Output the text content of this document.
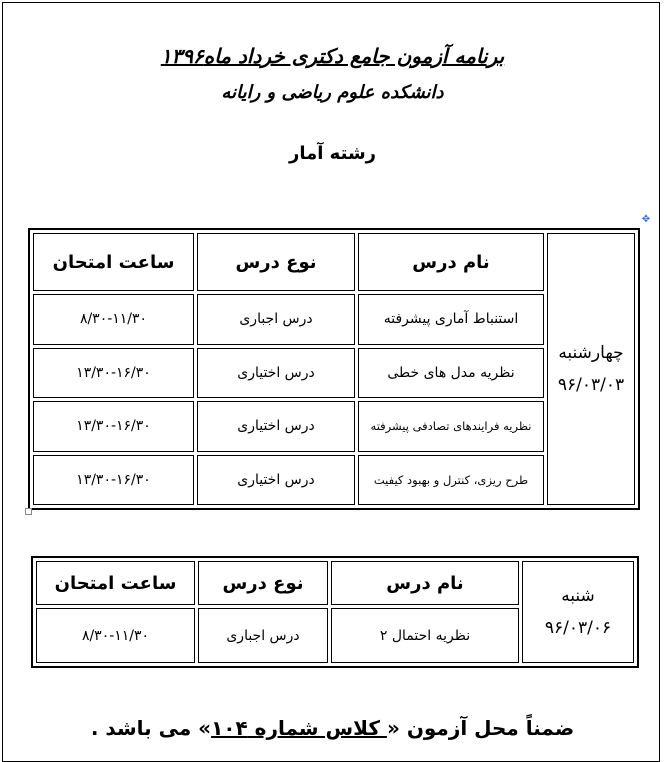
برنامه آزمون جامع دکتری خرداد ماه۱۳۹۶
دانشکده علوم ریاضی و رایانه
رشته آمار
✥
چهارشنبه
۹۶/۰۳/۰۳	نام درس	نوع درس	ساعت امتحان
	استنباط آماری پیشرفته	درس اجباری	۸/۳۰-۱۱/۳۰
	نظریه مدل های خطی	درس اختیاری	۱۳/۳۰-۱۶/۳۰
	نظریه فرایندهای تصادفی پیشرفته	درس اختیاری	۱۳/۳۰-۱۶/۳۰
	طرح ریزی، کنترل و بهبود کیفیت	درس اختیاری	۱۳/۳۰-۱۶/۳۰
شنبه
۹۶/۰۳/۰۶	نام درس	نوع درس	ساعت امتحان
	نظریه احتمال ۲	درس اجباری	۸/۳۰-۱۱/۳۰
ضمناً محل آزمون « کلاس شماره ۱۰۴» می باشد .
